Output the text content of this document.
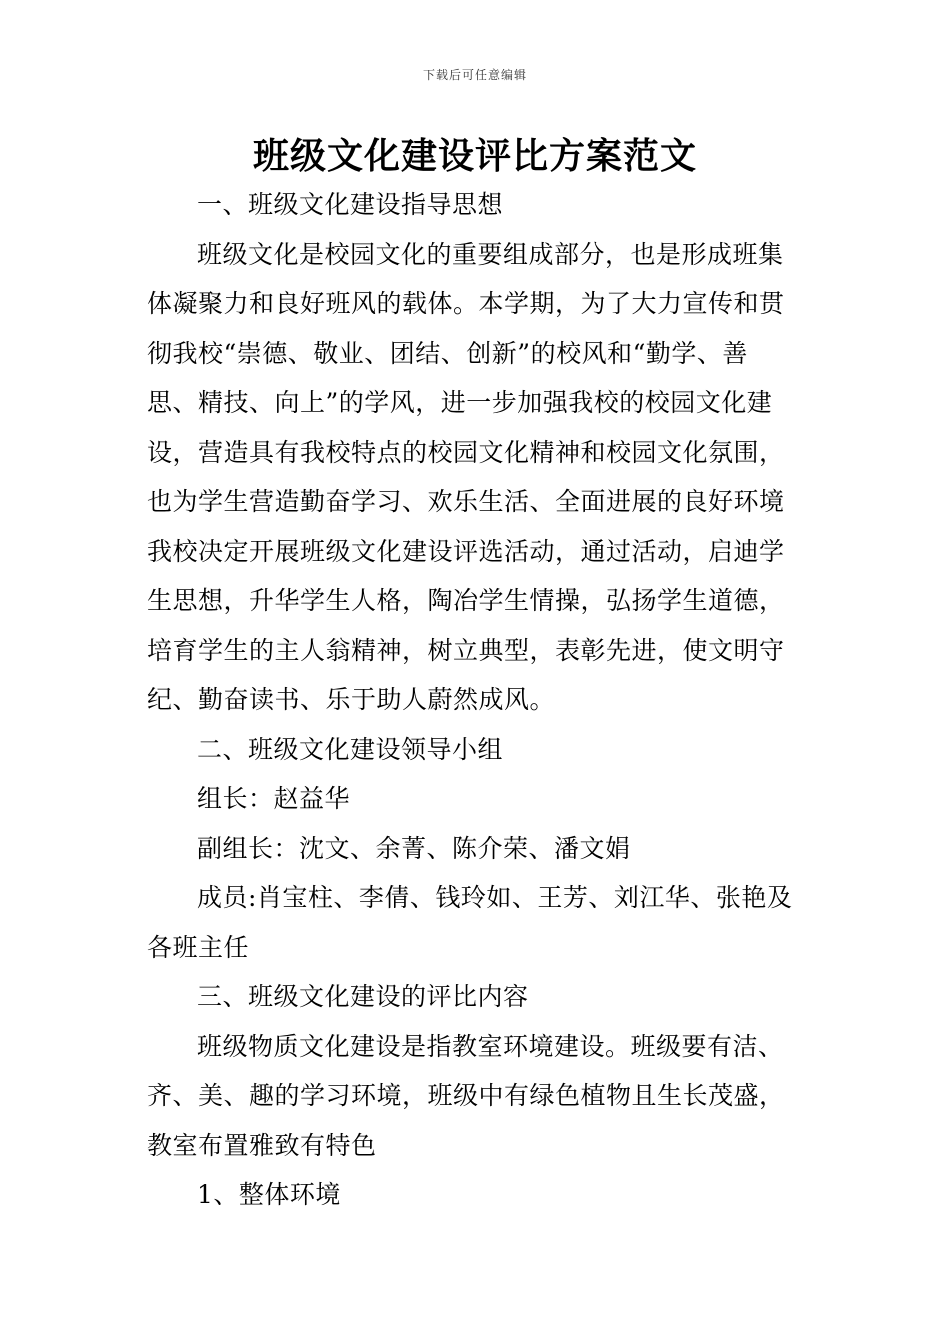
下载后可任意编辑
班级文化建设评比方案范文
一、班级文化建设指导思想
班级文化是校园文化的重要组成部分，也是形成班集
体凝聚力和良好班风的载体。本学期，为了大力宣传和贯
彻我校“崇德、敬业、团结、创新”的校风和“勤学、善
思、精技、向上”的学风，进一步加强我校的校园文化建
设，营造具有我校特点的校园文化精神和校园文化氛围，
也为学生营造勤奋学习、欢乐生活、全面进展的良好环境
我校决定开展班级文化建设评选活动，通过活动，启迪学
生思想，升华学生人格，陶冶学生情操，弘扬学生道德，
培育学生的主人翁精神，树立典型，表彰先进，使文明守
纪、勤奋读书、乐于助人蔚然成风。
二、班级文化建设领导小组
组长：赵益华
副组长：沈文、余菁、陈介荣、潘文娟
成员:肖宝柱、李倩、钱玲如、王芳、刘江华、张艳及
各班主任
三、班级文化建设的评比内容
班级物质文化建设是指教室环境建设。班级要有洁、
齐、美、趣的学习环境，班级中有绿色植物且生长茂盛，
教室布置雅致有特色
1、整体环境
